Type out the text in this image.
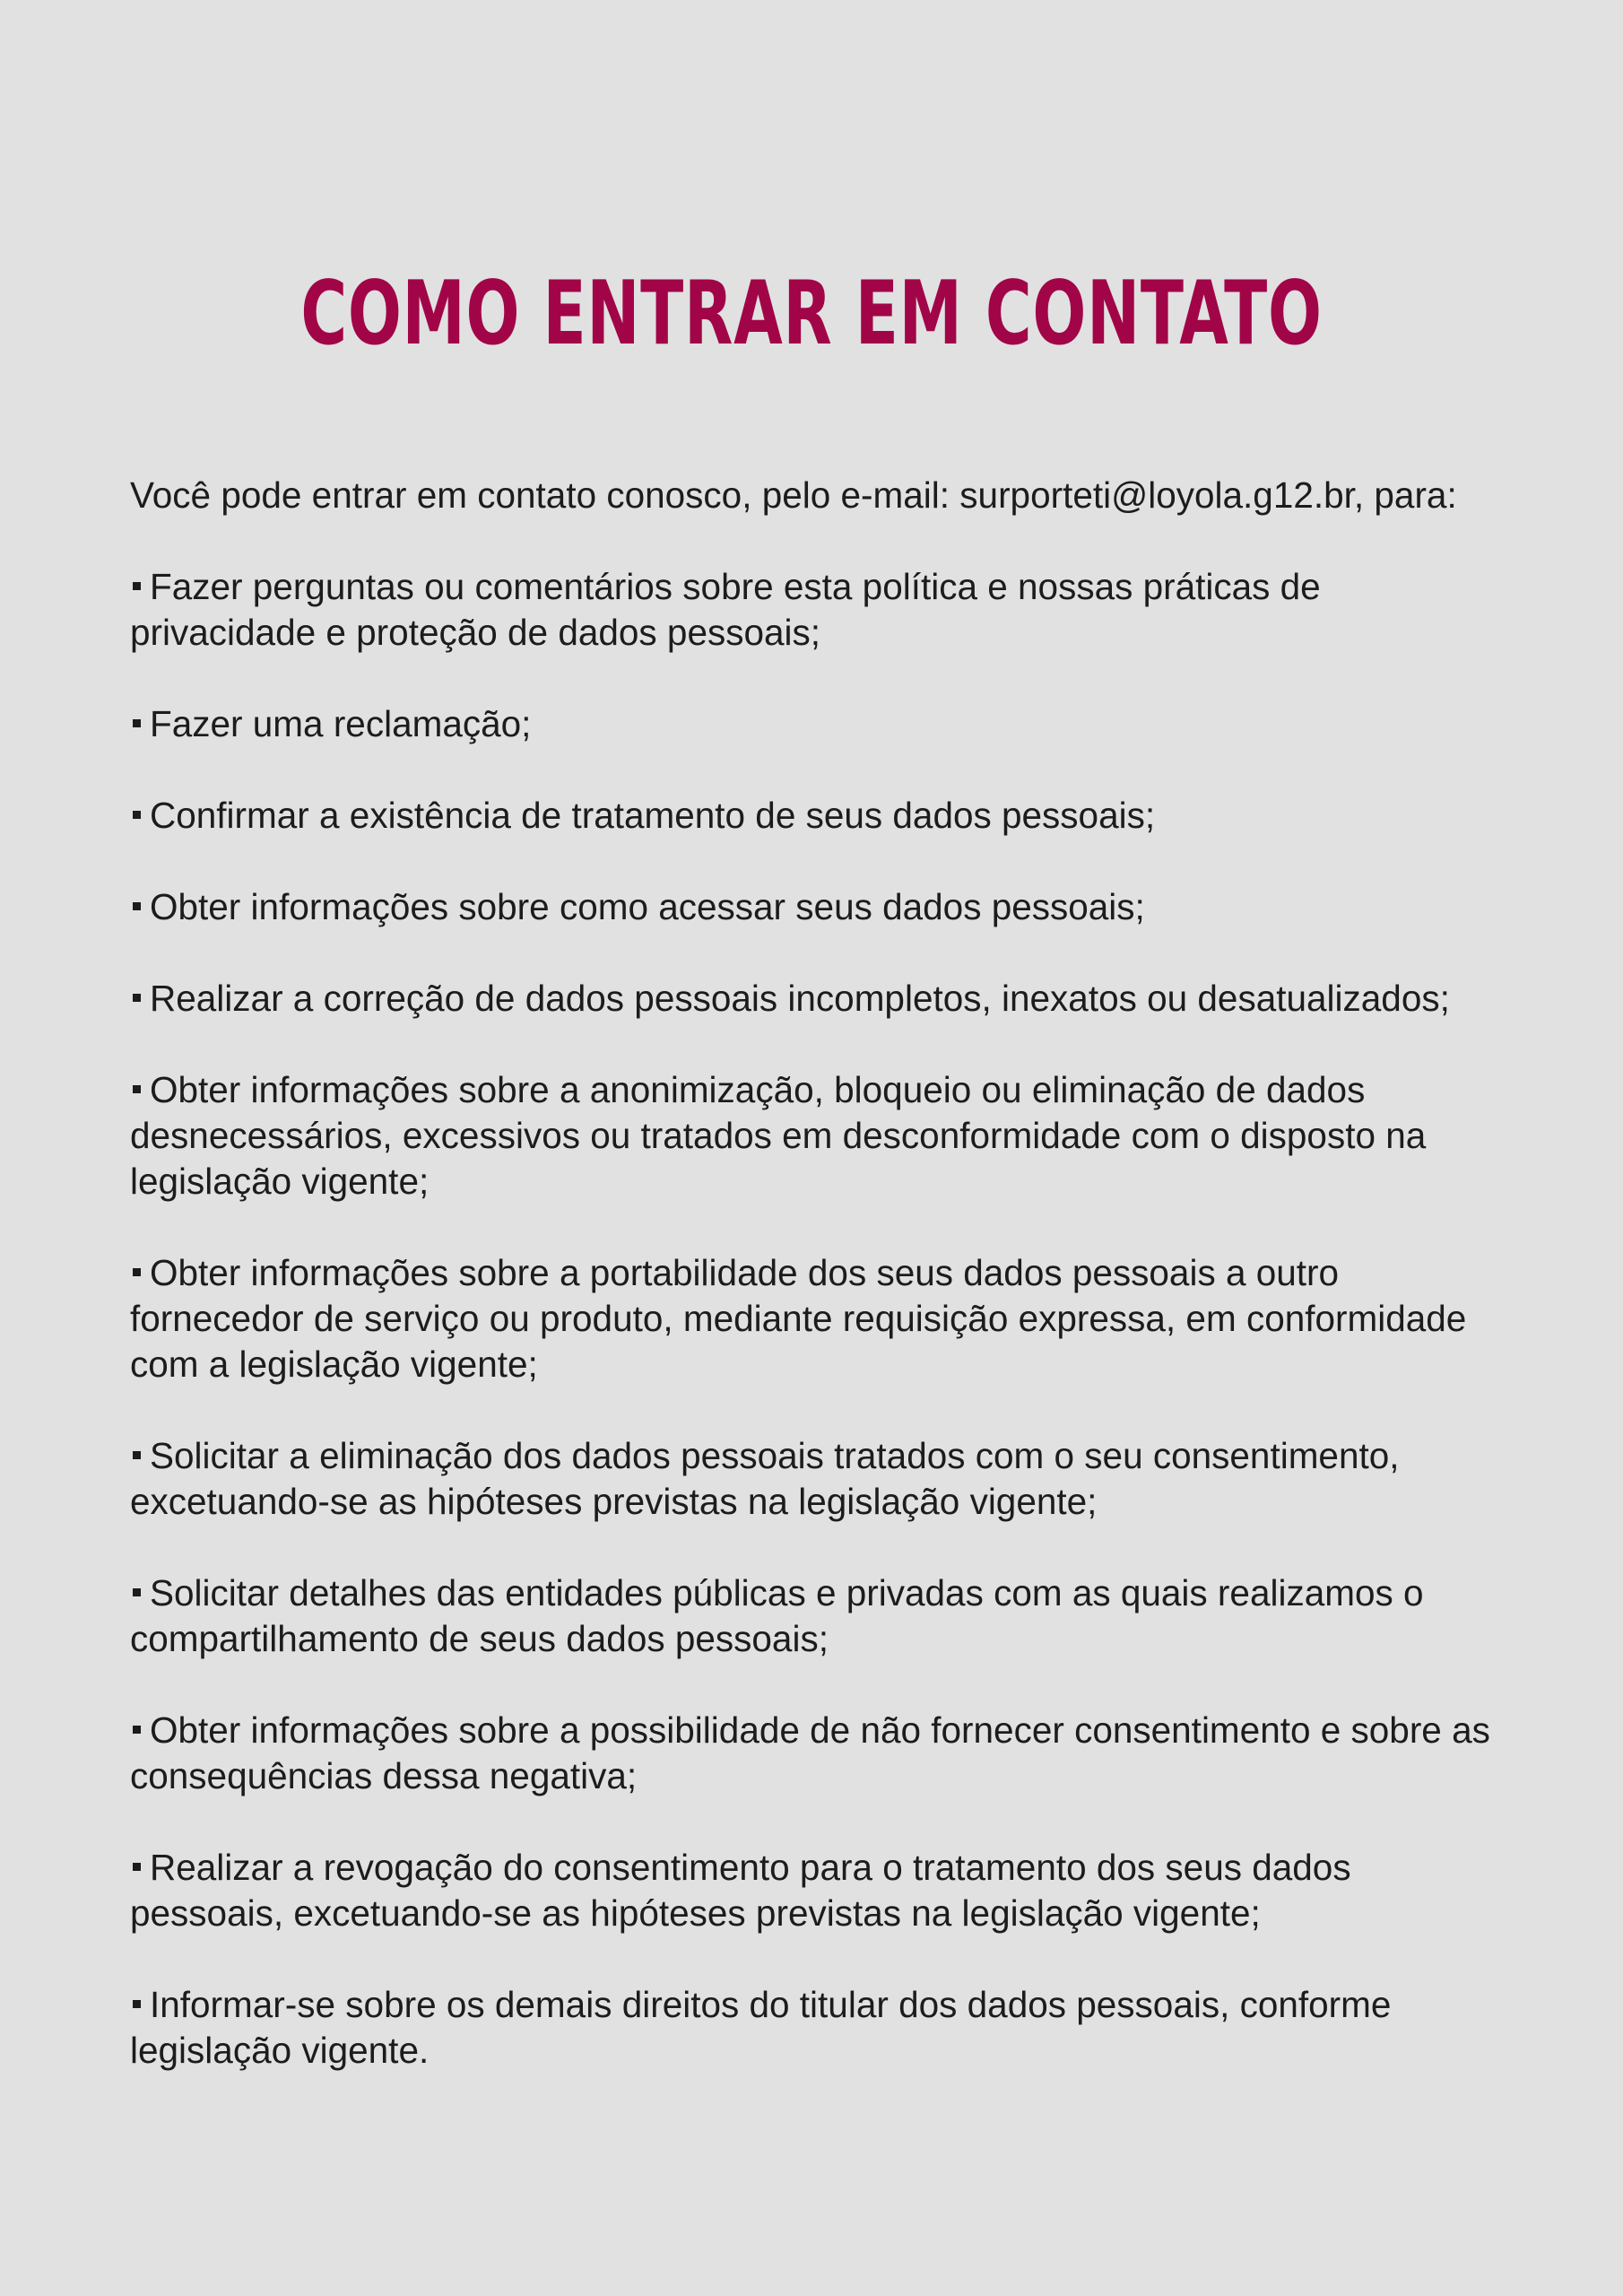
COMO ENTRAR EM CONTATO

Você pode entrar em contato conosco, pelo e-mail: surporteti@loyola.g12.br, para:

Fazer perguntas ou comentários sobre esta política e nossas práticas de privacidade e proteção de dados pessoais;

Fazer uma reclamação;

Confirmar a existência de tratamento de seus dados pessoais;

Obter informações sobre como acessar seus dados pessoais;

Realizar a correção de dados pessoais incompletos, inexatos ou desatualizados;

Obter informações sobre a anonimização, bloqueio ou eliminação de dados desnecessários, excessivos ou tratados em desconformidade com o disposto na legislação vigente;

Obter informações sobre a portabilidade dos seus dados pessoais a outro fornecedor de serviço ou produto, mediante requisição expressa, em conformidade com a legislação vigente;

Solicitar a eliminação dos dados pessoais tratados com o seu consentimento, excetuando-se as hipóteses previstas na legislação vigente;

Solicitar detalhes das entidades públicas e privadas com as quais realizamos o compartilhamento de seus dados pessoais;

Obter informações sobre a possibilidade de não fornecer consentimento e sobre as consequências dessa negativa;

Realizar a revogação do consentimento para o tratamento dos seus dados pessoais, excetuando-se as hipóteses previstas na legislação vigente;

Informar-se sobre os demais direitos do titular dos dados pessoais, conforme legislação vigente.
